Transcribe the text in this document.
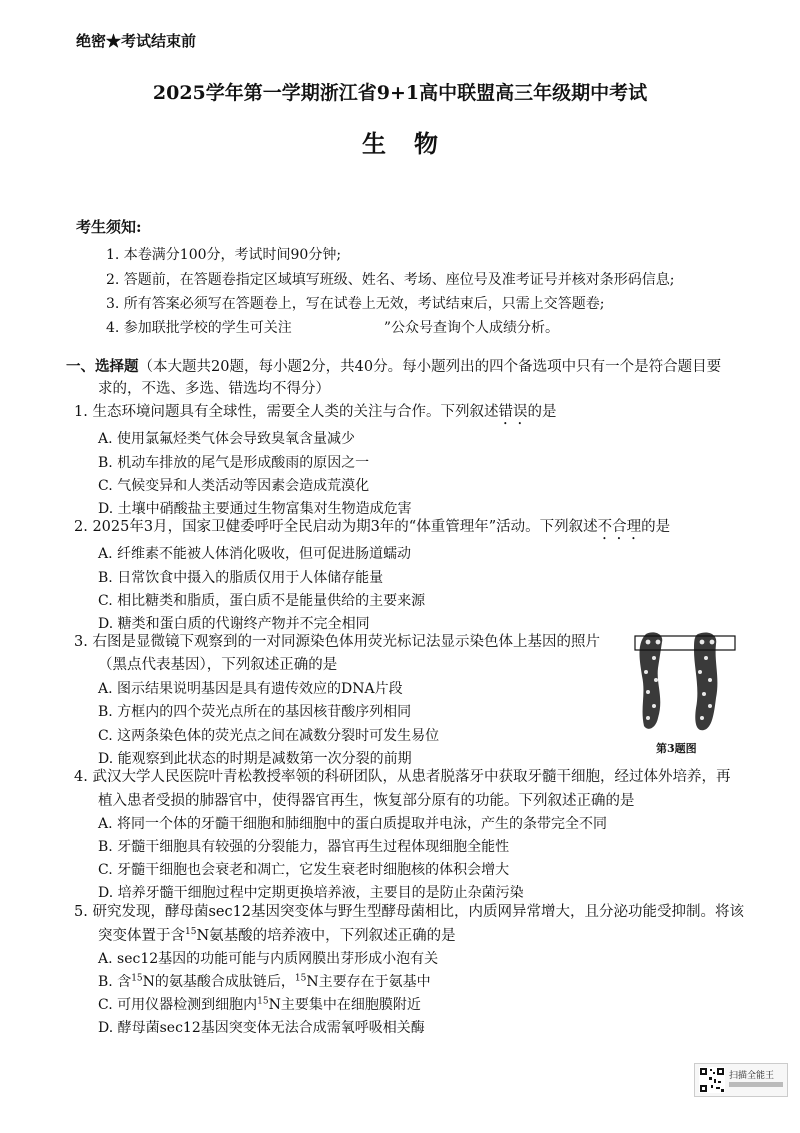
绝密★考试结束前
2025学年第一学期浙江省9+1高中联盟高三年级期中考试
生物
考生须知:
1. 本卷满分100分，考试时间90分钟;
2. 答题前，在答题卷指定区域填写班级、姓名、考场、座位号及准考证号并核对条形码信息;
3. 所有答案必须写在答题卷上，写在试卷上无效，考试结束后，只需上交答题卷;
4. 参加联批学校的学生可关注	”公众号查询个人成绩分析。
一、选择题（本大题共20题，每小题2分，共40分。每小题列出的四个备选项中只有一个是符合题目要
求的，不选、多选、错选均不得分）
1. 生态环境问题具有全球性，需要全人类的关注与合作。下列叙述错误的是
A. 使用氯氟烃类气体会导致臭氧含量减少
B. 机动车排放的尾气是形成酸雨的原因之一
C. 气候变异和人类活动等因素会造成荒漠化
D. 土壤中硝酸盐主要通过生物富集对生物造成危害
2. 2025年3月，国家卫健委呼吁全民启动为期3年的“体重管理年”活动。下列叙述不合理的是
A. 纤维素不能被人体消化吸收，但可促进肠道蠕动
B. 日常饮食中摄入的脂质仅用于人体储存能量
C. 相比糖类和脂质，蛋白质不是能量供给的主要来源
D. 糖类和蛋白质的代谢终产物并不完全相同
3. 右图是显微镜下观察到的一对同源染色体用荧光标记法显示染色体上基因的照片
（黑点代表基因），下列叙述正确的是
A. 图示结果说明基因是具有遗传效应的DNA片段
B. 方框内的四个荧光点所在的基因核苷酸序列相同
C. 这两条染色体的荧光点之间在减数分裂时可发生易位
D. 能观察到此状态的时期是减数第一次分裂的前期
第3题图
4. 武汉大学人民医院叶青松教授率领的科研团队，从患者脱落牙中获取牙髓干细胞，经过体外培养，再
植入患者受损的肺器官中，使得器官再生，恢复部分原有的功能。下列叙述正确的是
A. 将同一个体的牙髓干细胞和肺细胞中的蛋白质提取并电泳，产生的条带完全不同
B. 牙髓干细胞具有较强的分裂能力，器官再生过程体现细胞全能性
C. 牙髓干细胞也会衰老和凋亡，它发生衰老时细胞核的体积会增大
D. 培养牙髓干细胞过程中定期更换培养液，主要目的是防止杂菌污染
5. 研究发现，酵母菌sec12基因突变体与野生型酵母菌相比，内质网异常增大，且分泌功能受抑制。将该
突变体置于含$^{15}$N氨基酸的培养液中，下列叙述正确的是
A. sec12基因的功能可能与内质网膜出芽形成小泡有关
B. 含$^{15}$N的氨基酸合成肽链后，$^{15}$N主要存在于氨基中
C. 可用仪器检测到细胞内$^{15}$N主要集中在细胞膜附近
D. 酵母菌sec12基因突变体无法合成需氧呼吸相关酶
扫描全能王
